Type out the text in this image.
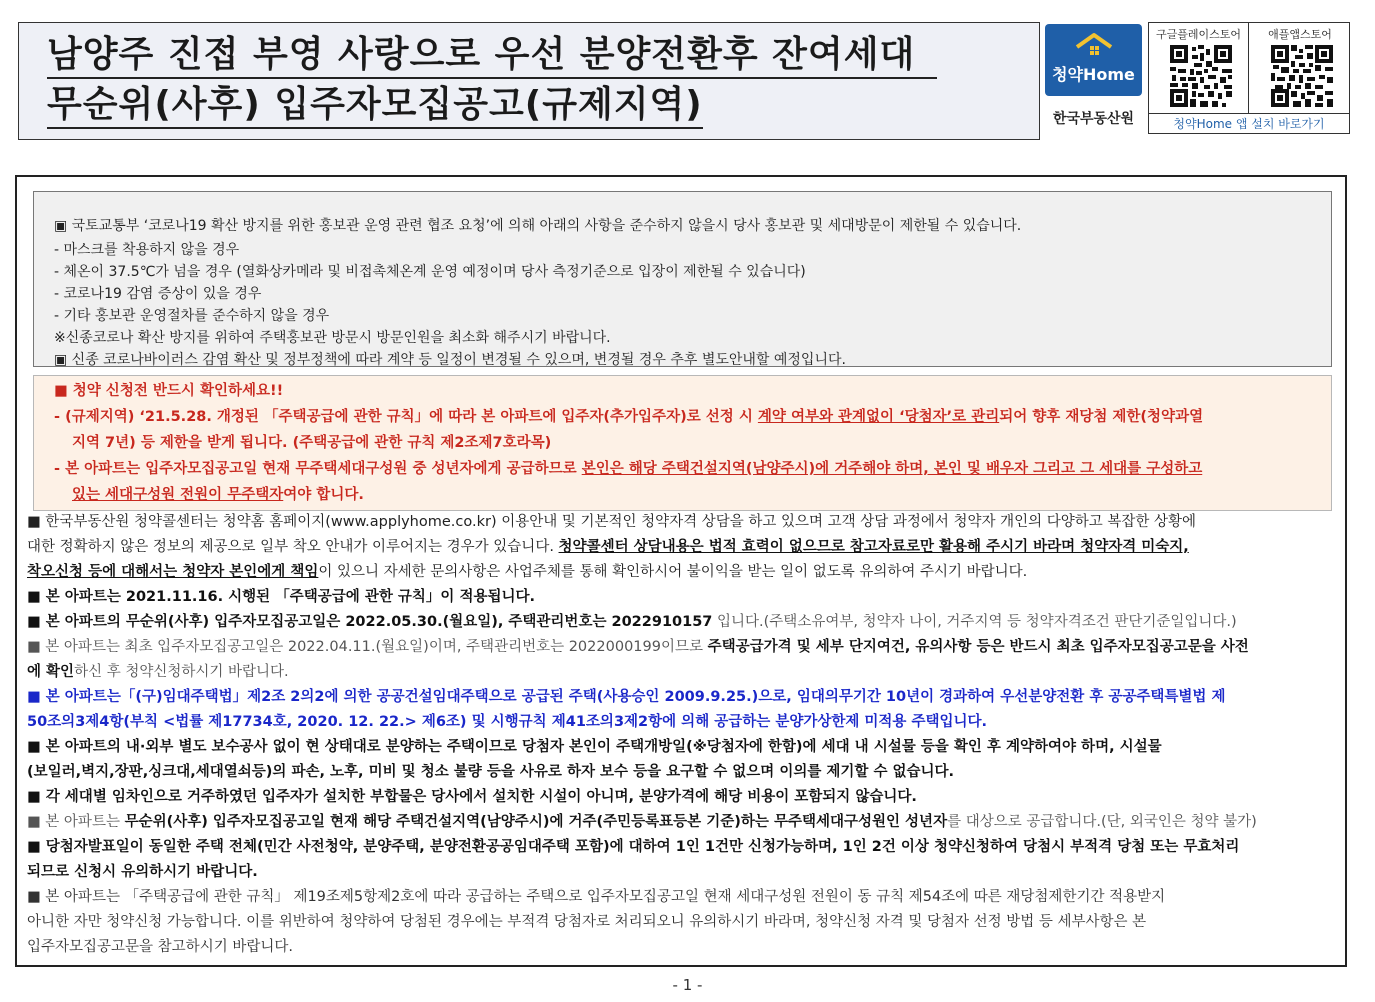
남양주 진접 부영 사랑으로 우선 분양전환후 잔여세대
무순위(사후) 입주자모집공고(규제지역)
청약Home
한국부동산원
구글플레이스토어	애플앱스토어
청약Home 앱 설치 바로가기
▣ 국토교통부 ‘코로나19 확산 방지를 위한 홍보관 운영 관련 협조 요청’에 의해 아래의 사항을 준수하지 않을시 당사 홍보관 및 세대방문이 제한될 수 있습니다.
- 마스크를 착용하지 않을 경우
- 체온이 37.5℃가 넘을 경우 (열화상카메라 및 비접촉체온계 운영 예정이며 당사 측정기준으로 입장이 제한될 수 있습니다)
- 코로나19 감염 증상이 있을 경우
- 기타 홍보관 운영절차를 준수하지 않을 경우
※신종코로나 확산 방지를 위하여 주택홍보관 방문시 방문인원을 최소화 해주시기 바랍니다.
▣ 신종 코로나바이러스 감염 확산 및 정부정책에 따라 계약 등 일정이 변경될 수 있으며, 변경될 경우 추후 별도안내할 예정입니다.
■ 청약 신청전 반드시 확인하세요!!
- (규제지역) ‘21.5.28. 개정된 「주택공급에 관한 규칙」에 따라 본 아파트에 입주자(추가입주자)로 선정 시 계약 여부와 관계없이 ‘당첨자’로 관리되어 향후 재당첨 제한(청약과열
지역 7년) 등 제한을 받게 됩니다. (주택공급에 관한 규칙 제2조제7호라목)
- 본 아파트는 입주자모집공고일 현재 무주택세대구성원 중 성년자에게 공급하므로 본인은 해당 주택건설지역(남양주시)에 거주해야 하며, 본인 및 배우자 그리고 그 세대를 구성하고
있는 세대구성원 전원이 무주택자여야 합니다.
■ 한국부동산원 청약콜센터는 청약홈 홈페이지(www.applyhome.co.kr) 이용안내 및 기본적인 청약자격 상담을 하고 있으며 고객 상담 과정에서 청약자 개인의 다양하고 복잡한 상황에
대한 정확하지 않은 정보의 제공으로 일부 착오 안내가 이루어지는 경우가 있습니다. 청약콜센터 상담내용은 법적 효력이 없으므로 참고자료로만 활용해 주시기 바라며 청약자격 미숙지,
착오신청 등에 대해서는 청약자 본인에게 책임이 있으니 자세한 문의사항은 사업주체를 통해 확인하시어 불이익을 받는 일이 없도록 유의하여 주시기 바랍니다.
■ 본 아파트는 2021.11.16. 시행된 「주택공급에 관한 규칙」이 적용됩니다.
■ 본 아파트의 무순위(사후) 입주자모집공고일은 2022.05.30.(월요일), 주택관리번호는 2022910157 입니다.(주택소유여부, 청약자 나이, 거주지역 등 청약자격조건 판단기준일입니다.)
■ 본 아파트는 최초 입주자모집공고일은 2022.04.11.(월요일)이며, 주택관리번호는 2022000199이므로 주택공급가격 및 세부 단지여건, 유의사항 등은 반드시 최초 입주자모집공고문을 사전
에 확인하신 후 청약신청하시기 바랍니다.
■ 본 아파트는「(구)임대주택법」제2조 2의2에 의한 공공건설임대주택으로 공급된 주택(사용승인 2009.9.25.)으로, 임대의무기간 10년이 경과하여 우선분양전환 후 공공주택특별법 제
50조의3제4항(부칙 <법률 제17734호, 2020. 12. 22.> 제6조) 및 시행규칙 제41조의3제2항에 의해 공급하는 분양가상한제 미적용 주택입니다.
■ 본 아파트의 내·외부 별도 보수공사 없이 현 상태대로 분양하는 주택이므로 당첨자 본인이 주택개방일(※당첨자에 한함)에 세대 내 시설물 등을 확인 후 계약하여야 하며, 시설물
(보일러,벽지,장판,싱크대,세대열쇠등)의 파손, 노후, 미비 및 청소 불량 등을 사유로 하자 보수 등을 요구할 수 없으며 이의를 제기할 수 없습니다.
■ 각 세대별 임차인으로 거주하였던 입주자가 설치한 부합물은 당사에서 설치한 시설이 아니며, 분양가격에 해당 비용이 포함되지 않습니다.
■ 본 아파트는 무순위(사후) 입주자모집공고일 현재 해당 주택건설지역(남양주시)에 거주(주민등록표등본 기준)하는 무주택세대구성원인 성년자를 대상으로 공급합니다.(단, 외국인은 청약 불가)
■ 당첨자발표일이 동일한 주택 전체(민간 사전청약, 분양주택, 분양전환공공임대주택 포함)에 대하여 1인 1건만 신청가능하며, 1인 2건 이상 청약신청하여 당첨시 부적격 당첨 또는 무효처리
되므로 신청시 유의하시기 바랍니다.
■ 본 아파트는 「주택공급에 관한 규칙」 제19조제5항제2호에 따라 공급하는 주택으로 입주자모집공고일 현재 세대구성원 전원이 동 규칙 제54조에 따른 재당첨제한기간 적용받지
아니한 자만 청약신청 가능합니다. 이를 위반하여 청약하여 당첨된 경우에는 부적격 당첨자로 처리되오니 유의하시기 바라며, 청약신청 자격 및 당첨자 선정 방법 등 세부사항은 본
입주자모집공고문을 참고하시기 바랍니다.
- 1 -
